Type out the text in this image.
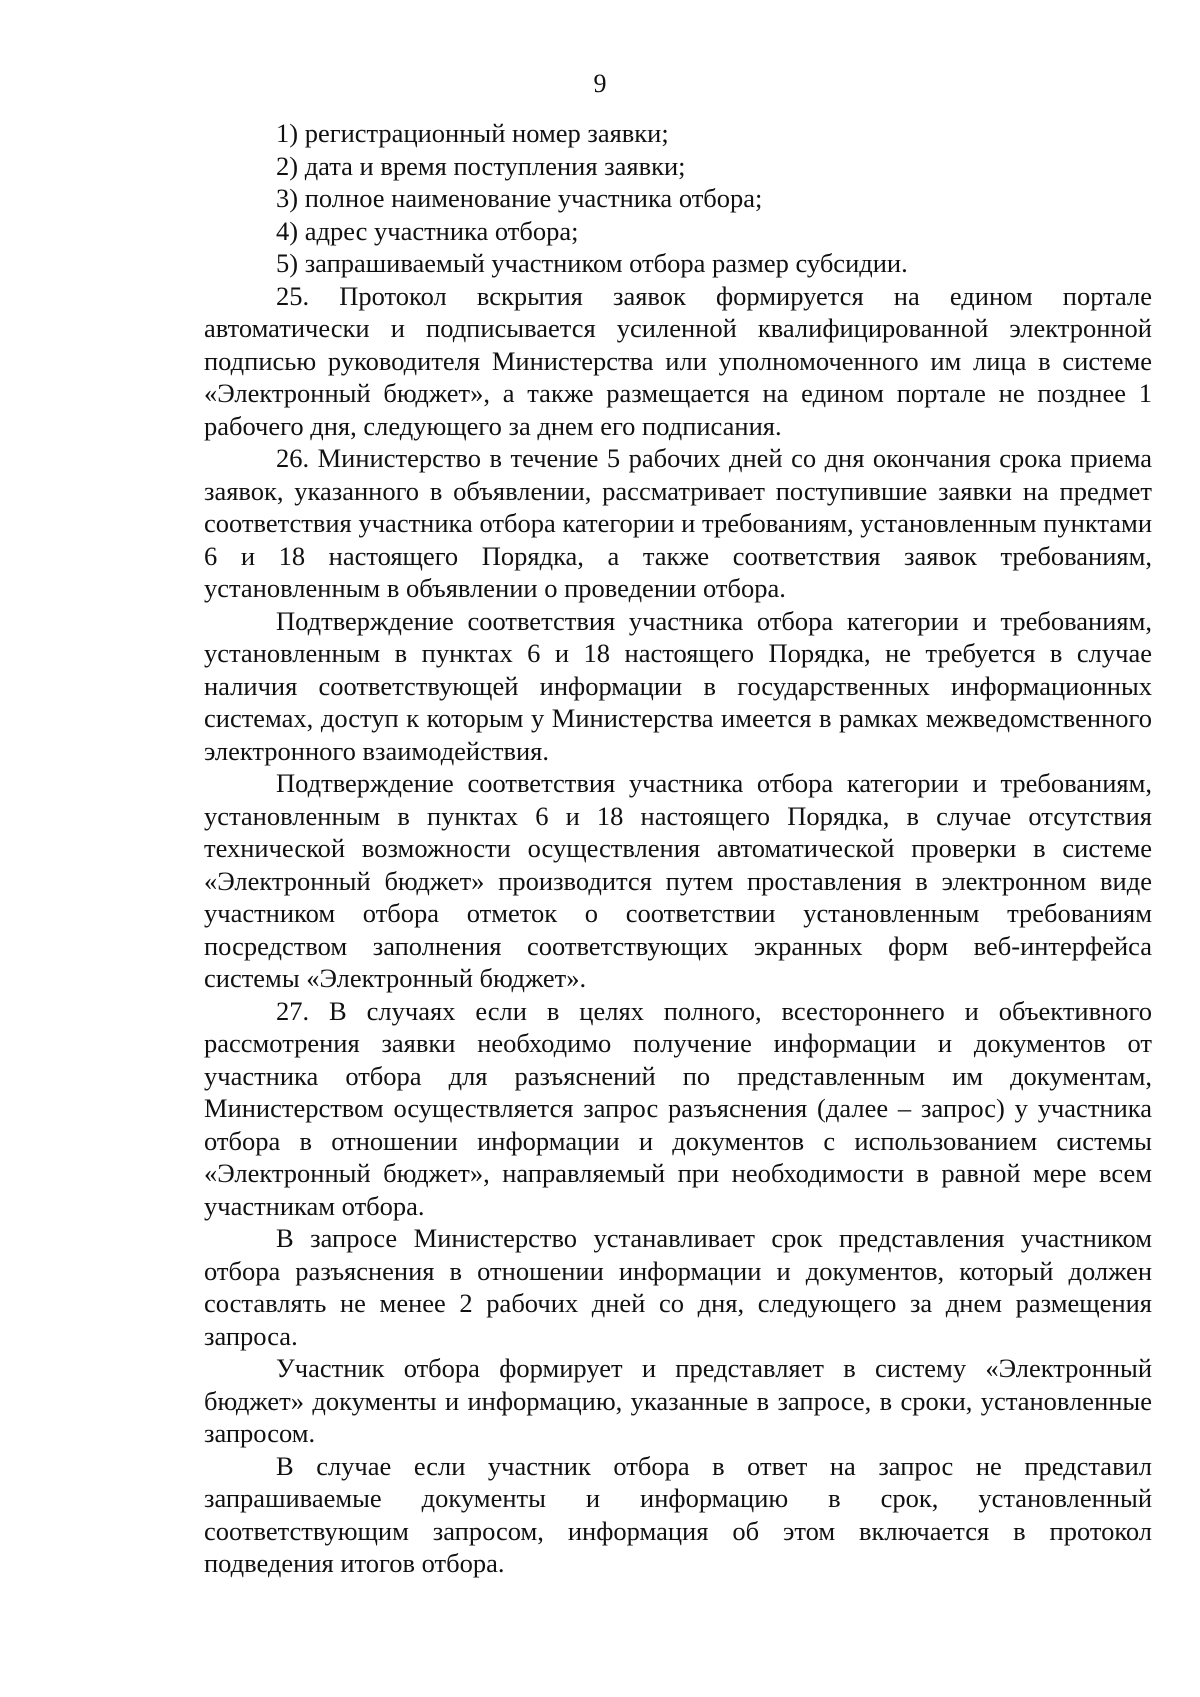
9
1) регистрационный номер заявки;
2) дата и время поступления заявки;
3) полное наименование участника отбора;
4) адрес участника отбора;
5) запрашиваемый участником отбора размер субсидии.

25. Протокол вскрытия заявок формируется на едином портале автоматически и подписывается усиленной квалифицированной электронной подписью руководителя Министерства или уполномоченного им лица в системе «Электронный бюджет», а также размещается на едином портале не позднее 1 рабочего дня, следующего за днем его подписания.

26. Министерство в течение 5 рабочих дней со дня окончания срока приема заявок, указанного в объявлении, рассматривает поступившие заявки на предмет соответствия участника отбора категории и требованиям, установленным пунктами 6 и 18 настоящего Порядка, а также соответствия заявок требованиям, установленным в объявлении о проведении отбора.

Подтверждение соответствия участника отбора категории и требованиям, установленным в пунктах 6 и 18 настоящего Порядка, не требуется в случае наличия соответствующей информации в государственных информационных системах, доступ к которым у Министерства имеется в рамках межведомственного электронного взаимодействия.

Подтверждение соответствия участника отбора категории и требованиям, установленным в пунктах 6 и 18 настоящего Порядка, в случае отсутствия технической возможности осуществления автоматической проверки в системе «Электронный бюджет» производится путем проставления в электронном виде участником отбора отметок о соответствии установленным требованиям посредством заполнения соответствующих экранных форм веб-интерфейса системы «Электронный бюджет».

27. В случаях если в целях полного, всестороннего и объективного рассмотрения заявки необходимо получение информации и документов от участника отбора для разъяснений по представленным им документам, Министерством осуществляется запрос разъяснения (далее – запрос) у участника отбора в отношении информации и документов с использованием системы «Электронный бюджет», направляемый при необходимости в равной мере всем участникам отбора.

В запросе Министерство устанавливает срок представления участником отбора разъяснения в отношении информации и документов, который должен составлять не менее 2 рабочих дней со дня, следующего за днем размещения запроса.

Участник отбора формирует и представляет в систему «Электронный бюджет» документы и информацию, указанные в запросе, в сроки, установленные запросом.

В случае если участник отбора в ответ на запрос не представил запрашиваемые документы и информацию в срок, установленный соответствующим запросом, информация об этом включается в протокол подведения итогов отбора.
